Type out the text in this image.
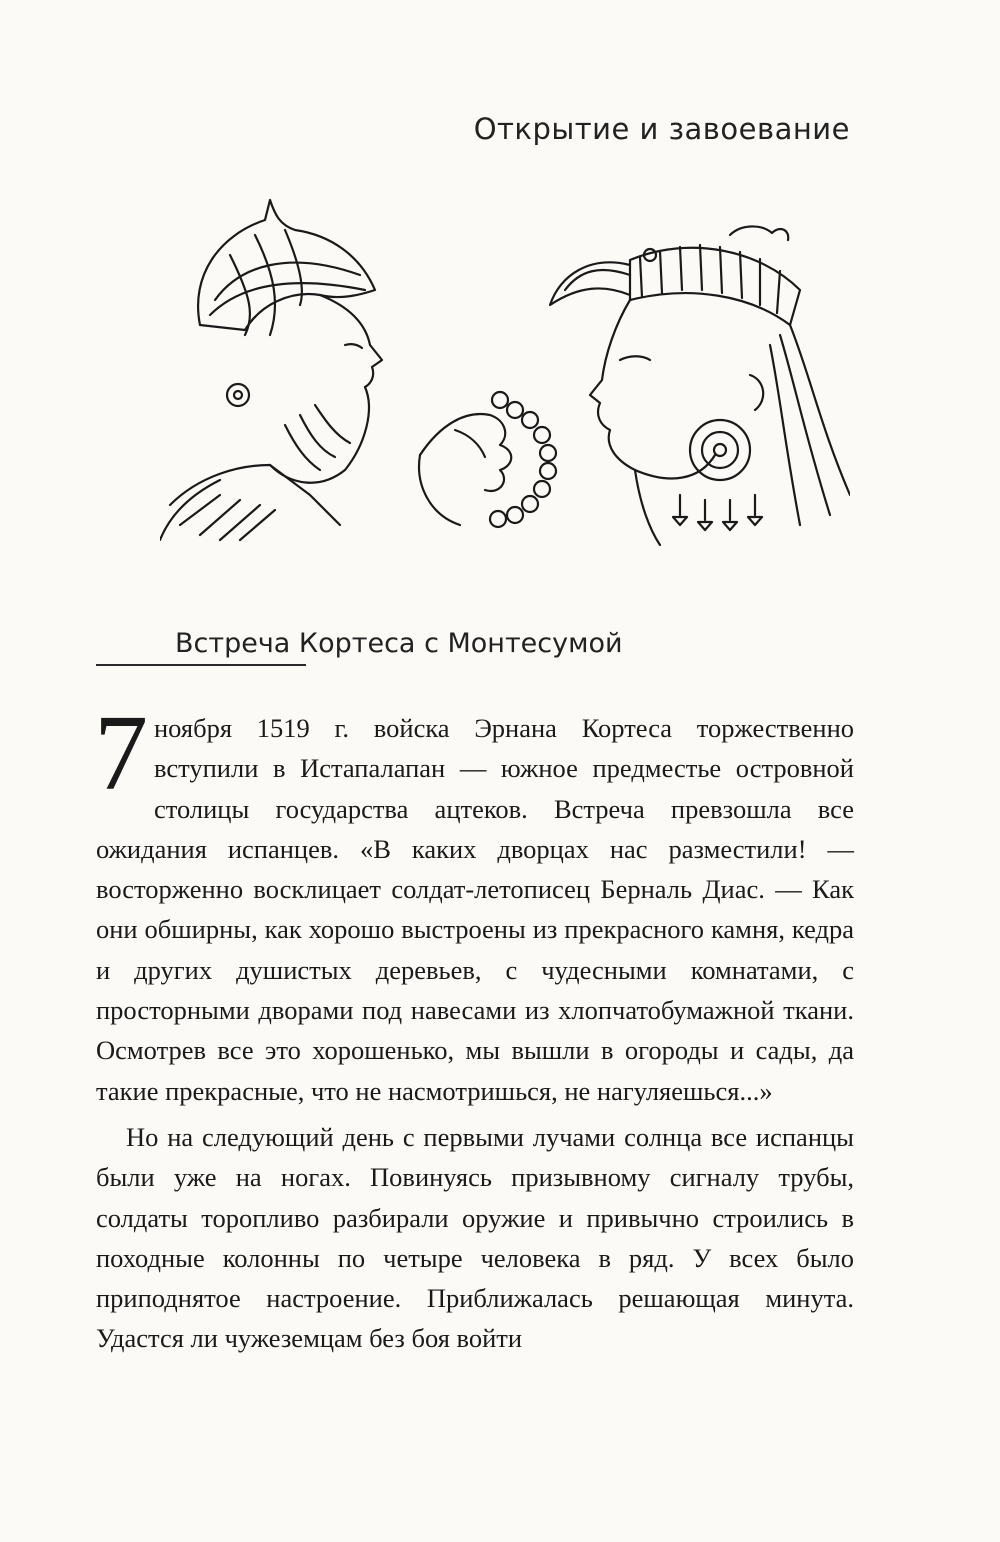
Открытие и завоевание
Встреча Кортеса с Монтесумой

7 ноября 1519 г. войска Эрнана Кортеса торжественно вступили в Истапалапан — южное предместье островной столицы государства ацтеков. Встреча превзошла все ожидания испанцев. «В каких дворцах нас разместили! — восторженно восклицает солдат-летописец Берналь Диас. — Как они обширны, как хорошо выстроены из прекрасного камня, кедра и других душистых деревьев, с чудесными комнатами, с просторными дворами под навесами из хлопчатобумажной ткани. Осмотрев все это хорошенько, мы вышли в огороды и сады, да такие прекрасные, что не насмотришься, не нагуляешься...»

Но на следующий день с первыми лучами солнца все испанцы были уже на ногах. Повинуясь призывному сигналу трубы, солдаты торопливо разбирали оружие и привычно строились в походные колонны по четыре человека в ряд. У всех было приподнятое настроение. Приближалась решающая минута. Удастся ли чужеземцам без боя войти
